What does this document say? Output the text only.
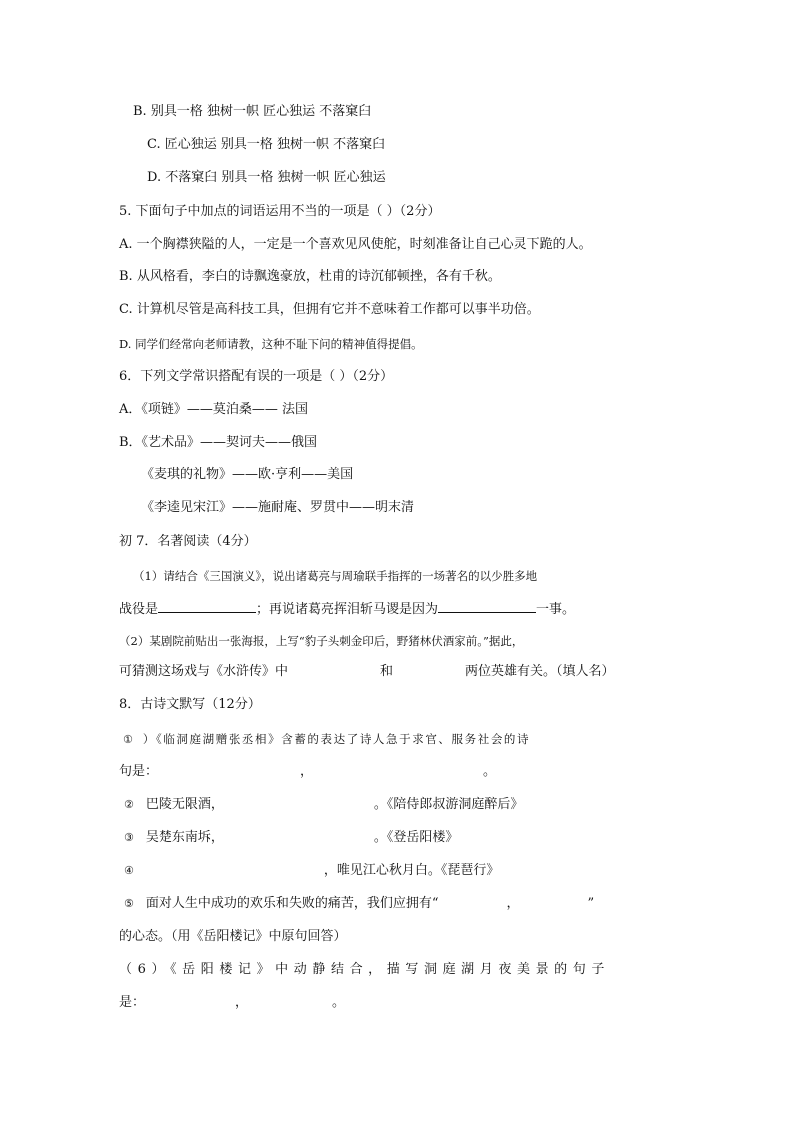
B. 别具一格 独树一帜 匠心独运 不落窠臼
C. 匠心独运 别具一格 独树一帜 不落窠臼
D. 不落窠臼 别具一格 独树一帜 匠心独运
5. 下面句子中加点的词语运用不当的一项是（ ）（2分）
A. 一个胸襟狭隘的人，一定是一个喜欢见风使舵，时刻准备让自己心灵下跪的人。
B. 从风格看，李白的诗飘逸豪放，杜甫的诗沉郁顿挫，各有千秋。
C. 计算机尽管是高科技工具，但拥有它并不意味着工作都可以事半功倍。
D. 同学们经常向老师请教，这种不耻下问的精神值得提倡。
6．下列文学常识搭配有误的一项是（ ）（2分）
A．《项链》——莫泊桑—— 法国
B．《艺术品》——契诃夫——俄国
《麦琪的礼物》——欧·亨利——美国
《李逵见宋江》——施耐庵、罗贯中——明末清
初 7．名著阅读（4分）
（1）请结合《三国演义》，说出诸葛亮与周瑜联手指挥的一场著名的以少胜多地
战役是	；再说诸葛亮挥泪斩马谡是因为	一事。
（2）某剧院前贴出一张海报，上写“豹子头刺金印后，野猪林伏酒家前。”据此，
可猜测这场戏与《水浒传》中	和	两位英雄有关。（填人名）
8．古诗文默写（12分）
① ）《临洞庭湖赠张丞相》含蓄的表达了诗人急于求官、服务社会的诗
句是：	，	。
② 巴陵无限酒，	。《陪侍郎叔游洞庭醉后》
③ 吴楚东南坼，	。《登岳阳楼》
④	，唯见江心秋月白。《琵琶行》
⑤ 面对人生中成功的欢乐和失败的痛苦，我们应拥有“	，	”
的心态。（用《岳阳楼记》中原句回答）
（6）《岳阳楼记》中动静结合，描写洞庭湖月夜美景的句子
是：	，	。
